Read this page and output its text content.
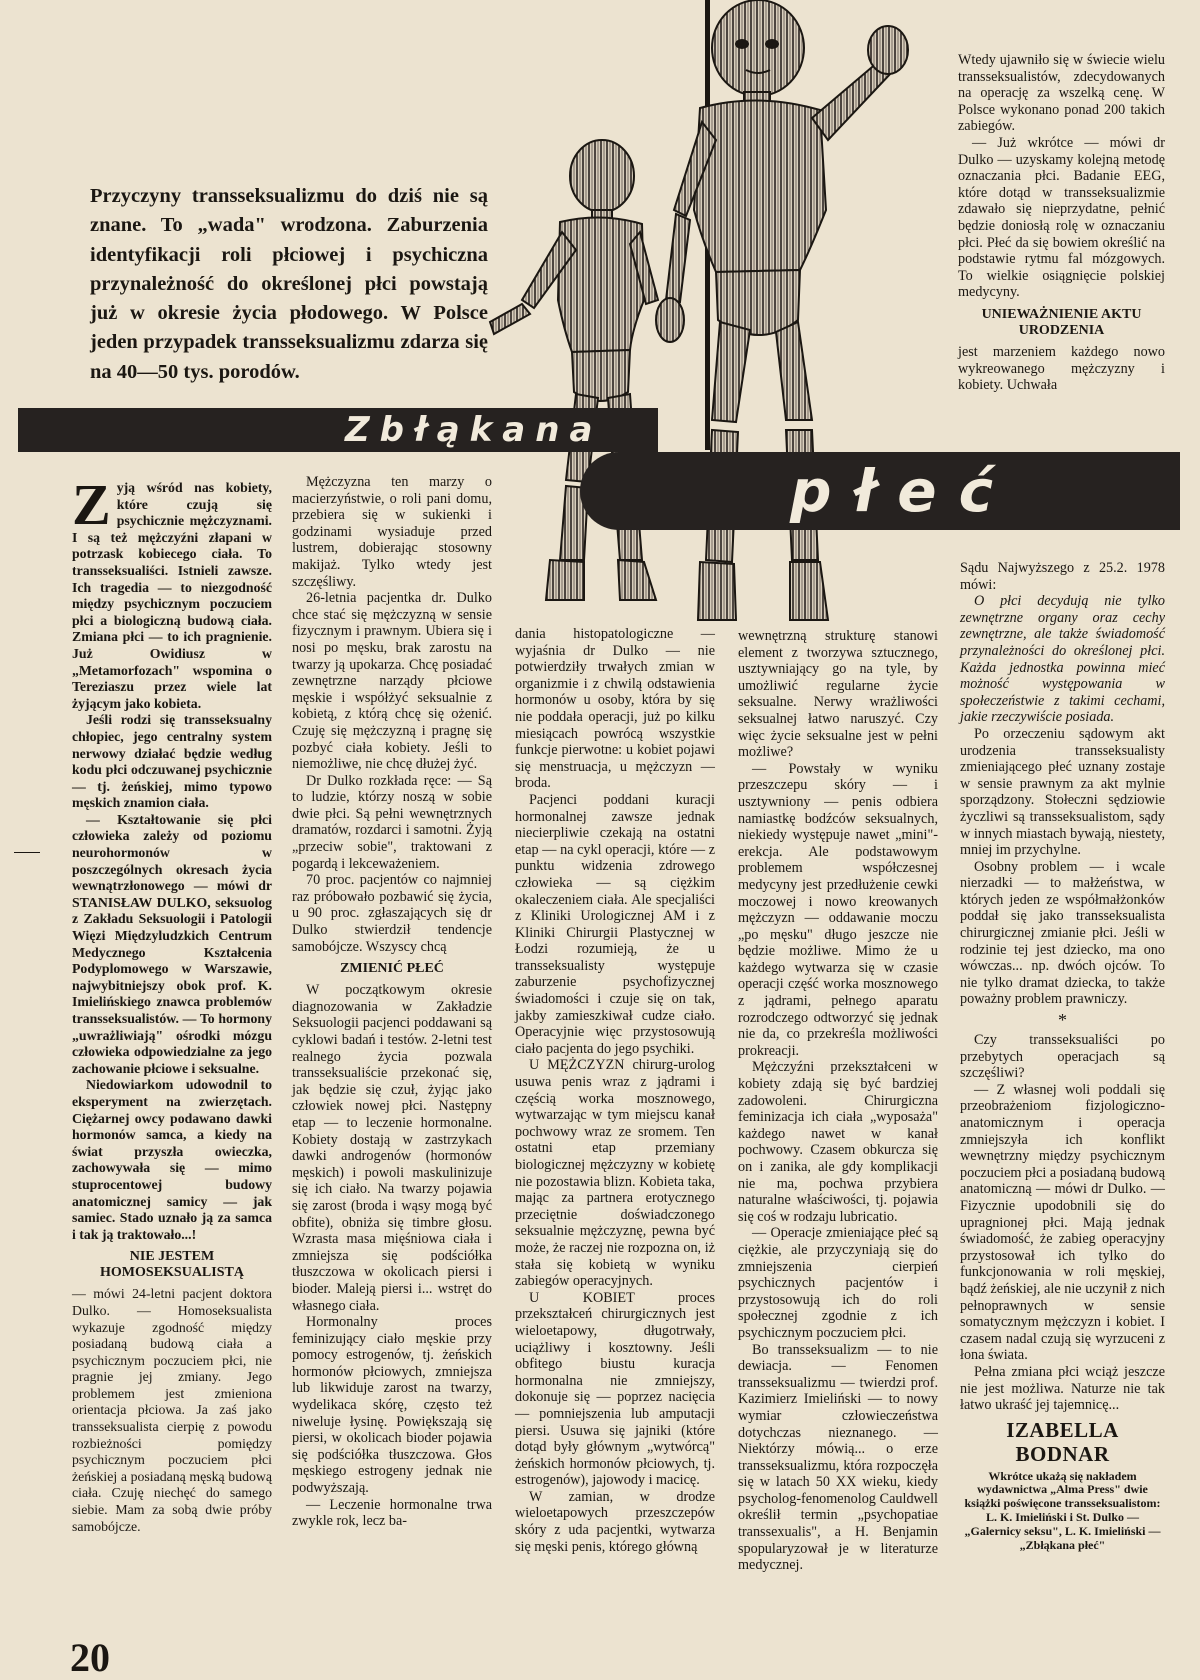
Przyczyny transseksualizmu do dziś nie są znane. To „wada" wrodzona. Zaburzenia identyfikacji roli płciowej i psychiczna przynależność do określonej płci powstają już w okresie życia płodowego. W Polsce jeden przypadek transseksualizmu zdarza się na 40—50 tys. porodów.
Zbłąkana
płeć

Wtedy ujawniło się w świecie wielu transseksualistów, zdecydowanych na operację za wszelką cenę. W Polsce wykonano ponad 200 takich zabiegów.

— Już wkrótce — mówi dr Dulko — uzyskamy kolejną metodę oznaczania płci. Badanie EEG, które dotąd w transseksualizmie zdawało się nieprzydatne, pełnić będzie doniosłą rolę w oznaczaniu płci. Płeć da się bowiem określić na podstawie rytmu fal mózgowych. To wielkie osiągnięcie polskiej medycyny.

UNIEWAŻNIENIE AKTU URODZENIA

jest marzeniem każdego nowo wykreowanego mężczyzny i kobiety. Uchwała

Zyją wśród nas kobiety, które czują się psychicznie mężczyznami. I są też mężczyźni złapani w potrzask kobiecego ciała. To transseksualiści. Istnieli zawsze. Ich tragedia — to niezgodność między psychicznym poczuciem płci a biologiczną budową ciała. Zmiana płci — to ich pragnienie. Już Owidiusz w „Metamorfozach" wspomina o Tereziaszu przez wiele lat żyjącym jako kobieta.

Jeśli rodzi się transseksualny chłopiec, jego centralny system nerwowy działać będzie według kodu płci odczuwanej psychicznie — tj. żeńskiej, mimo typowo męskich znamion ciała.

— Kształtowanie się płci człowieka zależy od poziomu neurohormonów w poszczególnych okresach życia wewnątrzłonowego — mówi dr STANISŁAW DULKO, seksuolog z Zakładu Seksuologii i Patologii Więzi Międzyludzkich Centrum Medycznego Kształcenia Podyplomowego w Warszawie, najwybitniejszy obok prof. K. Imielińskiego znawca problemów transseksualistów. — To hormony „uwrażliwiają" ośrodki mózgu człowieka odpowiedzialne za jego zachowanie płciowe i seksualne.

Niedowiarkom udowodnil to eksperyment na zwierzętach. Ciężarnej owcy podawano dawki hormonów samca, a kiedy na świat przyszła owieczka, zachowywała się — mimo stuprocentowej budowy anatomicznej samicy — jak samiec. Stado uznało ją za samca i tak ją traktowało...!

NIE JESTEM HOMOSEKSUALISTĄ

— mówi 24-letni pacjent doktora Dulko. — Homoseksualista wykazuje zgodność między posiadaną budową ciała a psychicznym poczuciem płci, nie pragnie jej zmiany. Jego problemem jest zmieniona orientacja płciowa. Ja zaś jako transseksualista cierpię z powodu rozbieżności pomiędzy psychicznym poczuciem płci żeńskiej a posiadaną męską budową ciała. Czuję niechęć do samego siebie. Mam za sobą dwie próby samobójcze.

Mężczyzna ten marzy o macierzyństwie, o roli pani domu, przebiera się w sukienki i godzinami wysiaduje przed lustrem, dobierając stosowny makijaż. Tylko wtedy jest szczęśliwy.

26-letnia pacjentka dr. Dulko chce stać się mężczyzną w sensie fizycznym i prawnym. Ubiera się i nosi po męsku, brak zarostu na twarzy ją upokarza. Chcę posiadać zewnętrzne narządy płciowe męskie i współżyć seksualnie z kobietą, z którą chcę się ożenić. Czuję się mężczyzną i pragnę się pozbyć ciała kobiety. Jeśli to niemożliwe, nie chcę dłużej żyć.

Dr Dulko rozkłada ręce: — Są to ludzie, którzy noszą w sobie dwie płci. Są pełni wewnętrznych dramatów, rozdarci i samotni. Żyją „przeciw sobie", traktowani z pogardą i lekceważeniem.

70 proc. pacjentów co najmniej raz próbowało pozbawić się życia, u 90 proc. zgłaszających się dr Dulko stwierdził tendencje samobójcze. Wszyscy chcą

ZMIENIĆ PŁEĆ

W początkowym okresie diagnozowania w Zakładzie Seksuologii pacjenci poddawani są cyklowi badań i testów. 2-letni test realnego życia pozwala transseksualiście przekonać się, jak będzie się czuł, żyjąc jako człowiek nowej płci. Następny etap — to leczenie hormonalne. Kobiety dostają w zastrzykach dawki androgenów (hormonów męskich) i powoli maskulinizuje się ich ciało. Na twarzy pojawia się zarost (broda i wąsy mogą być obfite), obniża się timbre głosu. Wzrasta masa mięśniowa ciała i zmniejsza się podściółka tłuszczowa w okolicach piersi i bioder. Maleją piersi i... wstręt do własnego ciała.

Hormonalny proces feminizujący ciało męskie przy pomocy estrogenów, tj. żeńskich hormonów płciowych, zmniejsza lub likwiduje zarost na twarzy, wydelikaca skórę, często też niweluje łysinę. Powiększają się piersi, w okolicach bioder pojawia się podściółka tłuszczowa. Głos męskiego estrogeny jednak nie podwyższają.

— Leczenie hormonalne trwa zwykle rok, lecz ba-

dania histopatologiczne — wyjaśnia dr Dulko — nie potwierdziły trwałych zmian w organizmie i z chwilą odstawienia hormonów u osoby, która by się nie poddała operacji, już po kilku miesiącach powrócą wszystkie funkcje pierwotne: u kobiet pojawi się menstruacja, u mężczyzn — broda.

Pacjenci poddani kuracji hormonalnej zawsze jednak niecierpliwie czekają na ostatni etap — na cykl operacji, które — z punktu widzenia zdrowego człowieka — są ciężkim okaleczeniem ciała. Ale specjaliści z Kliniki Urologicznej AM i z Kliniki Chirurgii Plastycznej w Łodzi rozumieją, że u transseksualisty występuje zaburzenie psychofizycznej świadomości i czuje się on tak, jakby zamieszkiwał cudze ciało. Operacyjnie więc przystosowują ciało pacjenta do jego psychiki.

U MĘŻCZYZN chirurg-urolog usuwa penis wraz z jądrami i częścią worka mosznowego, wytwarzając w tym miejscu kanał pochwowy wraz ze sromem. Ten ostatni etap przemiany biologicznej mężczyzny w kobietę nie pozostawia blizn. Kobieta taka, mając za partnera erotycznego przeciętnie doświadczonego seksualnie mężczyznę, pewna być może, że raczej nie rozpozna on, iż stała się kobietą w wyniku zabiegów operacyjnych.

U KOBIET proces przekształceń chirurgicznych jest wieloetapowy, długotrwały, uciążliwy i kosztowny. Jeśli obfitego biustu kuracja hormonalna nie zmniejszy, dokonuje się — poprzez nacięcia — pomniejszenia lub amputacji piersi. Usuwa się jajniki (które dotąd były głównym „wytwórcą" żeńskich hormonów płciowych, tj. estrogenów), jajowody i macicę.

W zamian, w drodze wieloetapowych przeszczepów skóry z uda pacjentki, wytwarza się męski penis, którego główną

wewnętrzną strukturę stanowi element z tworzywa sztucznego, usztywniający go na tyle, by umożliwić regularne życie seksualne. Nerwy wrażliwości seksualnej łatwo naruszyć. Czy więc życie seksualne jest w pełni możliwe?

— Powstały w wyniku przeszczepu skóry — i usztywniony — penis odbiera namiastkę bodźców seksualnych, niekiedy występuje nawet „mini"- erekcja. Ale podstawowym problemem współczesnej medycyny jest przedłużenie cewki moczowej i nowo kreowanych mężczyzn — oddawanie moczu „po męsku" długo jeszcze nie będzie możliwe. Mimo że u każdego wytwarza się w czasie operacji część worka mosznowego z jądrami, pełnego aparatu rozrodczego odtworzyć się jednak nie da, co przekreśla możliwości prokreacji.

Mężczyźni przekształceni w kobiety zdają się być bardziej zadowoleni. Chirurgiczna feminizacja ich ciała „wyposaża" każdego nawet w kanał pochwowy. Czasem obkurcza się on i zanika, ale gdy komplikacji nie ma, pochwa przybiera naturalne właściwości, tj. pojawia się coś w rodzaju lubricatio.

— Operacje zmieniające płeć są ciężkie, ale przyczyniają się do zmniejszenia cierpień psychicznych pacjentów i przystosowują ich do roli społecznej zgodnie z ich psychicznym poczuciem płci.

Bo transseksualizm — to nie dewiacja. — Fenomen transseksualizmu — twierdzi prof. Kazimierz Imieliński — to nowy wymiar człowieczeństwa dotychczas nieznanego. — Niektórzy mówią... o erze transseksualizmu, która rozpoczęła się w latach 50 XX wieku, kiedy psycholog-fenomenolog Cauldwell określił termin „psychopatiae transsexualis", a H. Benjamin spopularyzował je w literaturze medycznej.

Sądu Najwyższego z 25.2. 1978 mówi:

O płci decydują nie tylko zewnętrzne organy oraz cechy zewnętrzne, ale także świadomość przynależności do określonej płci. Każda jednostka powinna mieć możność występowania w społeczeństwie z takimi cechami, jakie rzeczywiście posiada.

Po orzeczeniu sądowym akt urodzenia transseksualisty zmieniającego płeć uznany zostaje w sensie prawnym za akt mylnie sporządzony. Stołeczni sędziowie życzliwi są transseksualistom, sądy w innych miastach bywają, niestety, mniej im przychylne.

Osobny problem — i wcale nierzadki — to małżeństwa, w których jeden ze współmałżonków poddał się jako transseksualista chirurgicznej zmianie płci. Jeśli w rodzinie tej jest dziecko, ma ono wówczas... np. dwóch ojców. To nie tylko dramat dziecka, to także poważny problem prawniczy.

*

Czy transseksualiści po przebytych operacjach są szczęśliwi?

— Z własnej woli poddali się przeobrażeniom fizjologiczno-anatomicznym i operacja zmniejszyła ich konflikt wewnętrzny między psychicznym poczuciem płci a posiadaną budową anatomiczną — mówi dr Dulko. — Fizycznie upodobnili się do upragnionej płci. Mają jednak świadomość, że zabieg operacyjny przystosował ich tylko do funkcjonowania w roli męskiej, bądź żeńskiej, ale nie uczynił z nich pełnoprawnych w sensie somatycznym mężczyzn i kobiet. I czasem nadal czują się wyrzuceni z łona świata.

Pełna zmiana płci wciąż jeszcze nie jest możliwa. Naturze nie tak łatwo ukraść jej tajemnicę...

IZABELLA BODNAR
Wkrótce ukażą się nakładem wydawnictwa „Alma Press" dwie książki poświęcone transseksualistom: L. K. Imieliński i St. Dulko — „Galernicy seksu", L. K. Imieliński — „Zbłąkana płeć"
20
